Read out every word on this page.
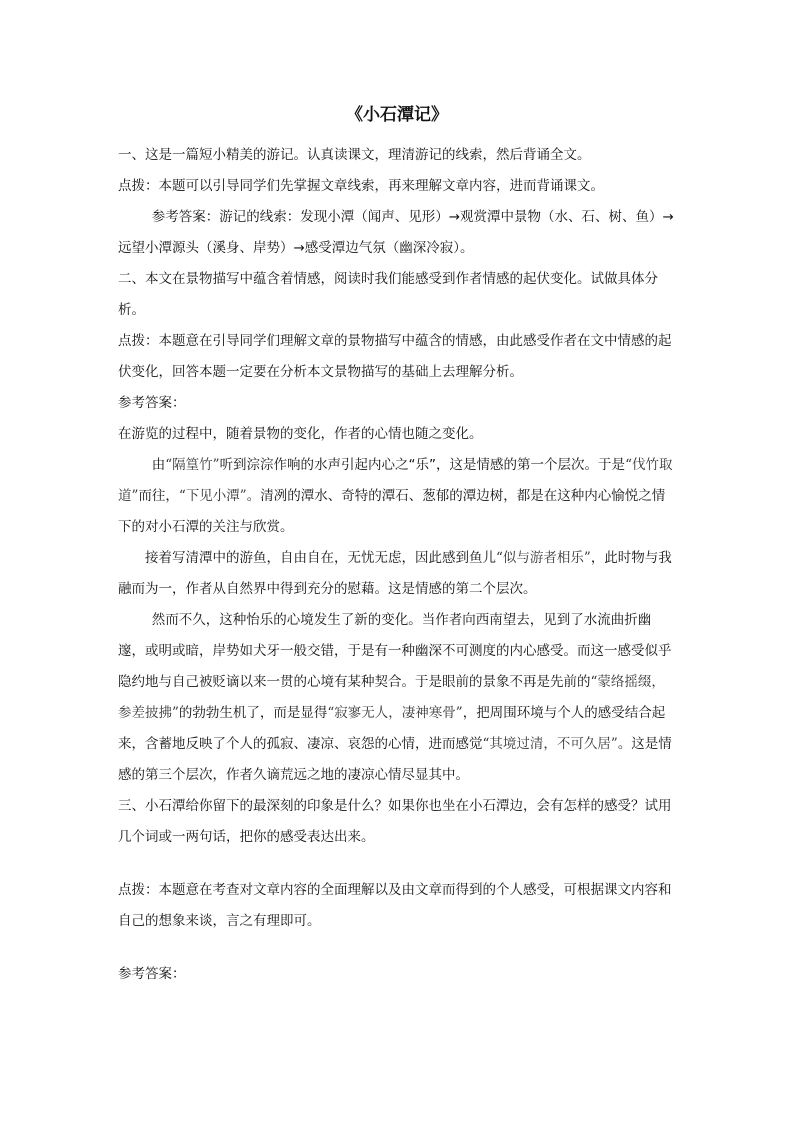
《小石潭记》

一、这是一篇短小精美的游记。认真读课文，理清游记的线索，然后背诵全文。

点拨：本题可以引导同学们先掌握文章线索，再来理解文章内容，进而背诵课文。

参考答案：游记的线索：发现小潭（闻声、见形）→观赏潭中景物（水、石、树、鱼）→远望小潭源头（溪身、岸势）→感受潭边气氛（幽深冷寂）。

二、本文在景物描写中蕴含着情感，阅读时我们能感受到作者情感的起伏变化。试做具体分析。

点拨：本题意在引导同学们理解文章的景物描写中蕴含的情感，由此感受作者在文中情感的起伏变化，回答本题一定要在分析本文景物描写的基础上去理解分析。

参考答案：

在游览的过程中，随着景物的变化，作者的心情也随之变化。

由“隔篁竹”听到淙淙作响的水声引起内心之“乐”，这是情感的第一个层次。于是“伐竹取道”而往，“下见小潭”。清冽的潭水、奇特的潭石、葱郁的潭边树，都是在这种内心愉悦之情下的对小石潭的关注与欣赏。

接着写清潭中的游鱼，自由自在，无忧无虑，因此感到鱼儿“似与游者相乐”，此时物与我融而为一，作者从自然界中得到充分的慰藉。这是情感的第二个层次。

然而不久，这种怡乐的心境发生了新的变化。当作者向西南望去，见到了水流曲折幽邃，或明或暗，岸势如犬牙一般交错，于是有一种幽深不可测度的内心感受。而这一感受似乎隐约地与自己被贬谪以来一贯的心境有某种契合。于是眼前的景象不再是先前的“蒙络摇缀，参差披拂”的勃勃生机了，而是显得“寂寥无人，凄神寒骨”，把周围环境与个人的感受结合起来，含蓄地反映了个人的孤寂、凄凉、哀怨的心情，进而感觉“其境过清，不可久居”。这是情感的第三个层次，作者久谪荒远之地的凄凉心情尽显其中。

三、小石潭给你留下的最深刻的印象是什么？如果你也坐在小石潭边，会有怎样的感受？试用几个词或一两句话，把你的感受表达出来。

点拨：本题意在考查对文章内容的全面理解以及由文章而得到的个人感受，可根据课文内容和自己的想象来谈，言之有理即可。

参考答案：
